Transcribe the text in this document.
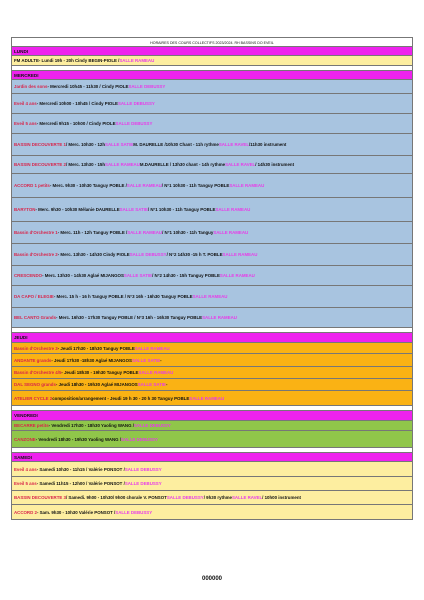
HORAIRES DES COURS COLLECTIFS 2023/2024. RH BASSINS DO EVEIL
LUNDI
FM ADULTE- Lundi 19h - 20h Cindy BEGIN-PIOLE / SALLE RAMEAU
MERCREDI
Jardin des sons - Mercredi 10h45 - 11h30 / Cindy PIOLE SALLE DEBUSSY
Eveil 4 ans - Mercredi 10h00 - 10h45 / Cindy PIOLE SALLE DEBUSSY
Eveil 5 ans - Mercredi 9h15 - 10h00 / Cindy PIOLE SALLE DEBUSSY
BASSIN DECOUVERTE 1 / Merc. 10h30 - 12h SALLE SATIE M. DAURELLE /10h30 Chant - 11h rythme SALLE RAVEL /11h30 instrument
BASSIN DECOUVERTE 2 / Merc. 13h30 - 15h SALLE RAMEAU M.DAURELLE / 13h30 chant - 14h rythme SALLE RAVEL / 14h30 instrument
ACCORD 1 petits - Merc. 9h30 - 10h30 Tanguy POBLE / SALLE RAMEAU / N°1 10h30 - 11h Tanguy POBLE SALLE RAMEAU
BARYTON - Merc. 9h30 - 10h30 Mélanie DAURELLE SALLE SATIE / N°1 10h30 - 11h Tanguy POBLE SALLE RAMEAU
Bassin d'Orchestre 1 - Merc. 11h - 12h Tanguy POBLE / SALLE RAMEAU / N°1 10h30 - 11h Tanguy SALLE RAMEAU
Bassin d'Orchestre 2 - Merc. 13h30 - 14h30 Cindy PIOLE SALLE DEBUSSY / N°2 14h30 -15 h T. POBLE SALLE RAMEAU
CRESCENDO - Merc. 13h30 - 14h30 Aglaé MIJANGOS SALLE SATIE / N°2 14h30 - 15h Tanguy POBLE SALLE RAMEAU
DA CAPO / ELEGIE - Merc. 15 h - 16 h Tanguy POBLE / N°3 16h - 16h30 Tanguy POBLE SALLE RAMEAU
BEL CANTO Grands - Merc. 16h30 - 17h30 Tanguy POBLE / N°3 16h - 16h30 Tanguy POBLE SALLE RAMEAU
JEUDI
Bassin d'Orchestre 3 - Jeudi 17h30 - 18h30 Tanguy POBLE SALLE RAMEAU
ANDANTE grands - Jeudi 17h30 -18h30 Aglaé MIJANGOS SALLE SATIE -
Bassin d'Orchestre 4/5 - Jeudi 18h30 - 19h30 Tanguy POBLE SALLE RAMEAU
DAL SEGNO grands - Jeudi 18h30 - 19h30 Aglaé MIJANGOS SALLE SATIE -
ATELIER CYCLE 2 composition/arrangement - Jeudi 19 h 30 - 20 h 30 Tanguy POBLE SALLE RAMEAU
VENDREDI
BECARRE petits - Vendredi 17h30 - 18h30 Yaoling WANG / SALLE DEBUSSY
CANZONE - Vendredi 18h30 - 19h30 Yaoling WANG / SALLE DEBUSSY
SAMEDI
Eveil 4 ans - Samedi 10h30 - 11h15 / Valérie PONSOT / SALLE DEBUSSY
Eveil 5 ans - Samedi 11h15 - 12h00 / Valérie PONSOT / SALLE DEBUSSY
BASSIN DECOUVERTE 3 / Samedi. 9h00 - 10h30/ 9h00 chorale V. PONSOT SALLE DEBUSSY / 9h30 rythme SALLE RAVEL / 10h00 instrument
ACCORD 2 - Sam. 9h30 - 10h30 Valérie PONSOT / SALLE DEBUSSY
000000
